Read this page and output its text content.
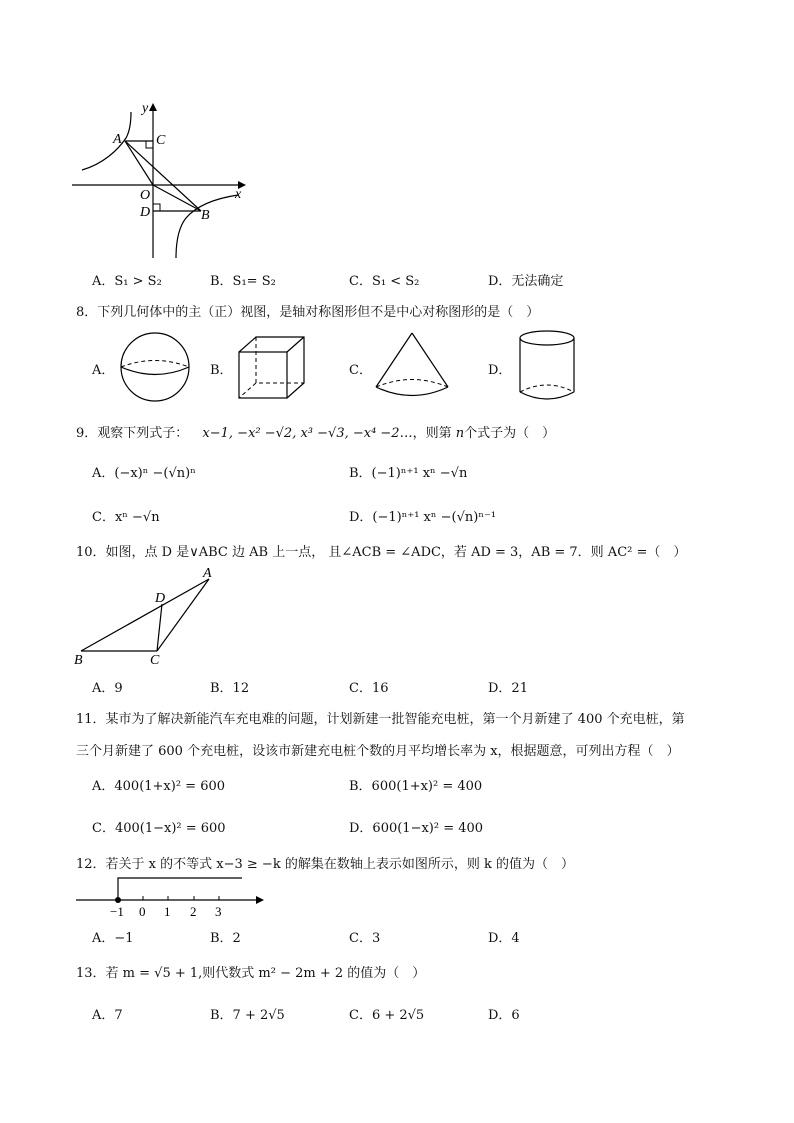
y
x
A C
O
D	B
A．S₁ > S₂	B．S₁= S₂	C．S₁ < S₂	D．无法确定
8．下列几何体中的主（正）视图，是轴对称图形但不是中心对称图形的是（　）
A．	B．	C．	D．
9．观察下列式子： x−1, −x² −√2, x³ −√3, −x⁴ −2…，则第 n个式子为（　）
A．(−x)ⁿ −(√n)ⁿ	B．(−1)ⁿ⁺¹ xⁿ −√n
C．xⁿ −√n	D．(−1)ⁿ⁺¹ xⁿ −(√n)ⁿ⁻¹
10．如图，点 D 是∨ABC 边 AB 上一点， 且∠ACB = ∠ADC，若 AD = 3，AB = 7．则 AC² =（　）
A
D
B	C
A．9	B．12	C．16	D．21
11．某市为了解决新能汽车充电难的问题，计划新建一批智能充电桩，第一个月新建了 400 个充电桩，第
三个月新建了 600 个充电桩，设该市新建充电桩个数的月平均增长率为 x，根据题意，可列出方程（　）
A．400(1+x)² = 600	B．600(1+x)² = 400
C．400(1−x)² = 600	D．600(1−x)² = 400
12．若关于 x 的不等式 x−3 ≥ −k 的解集在数轴上表示如图所示，则 k 的值为（　）
−1 0 1 2 3
A．−1	B．2	C．3	D．4
13．若 m = √5 + 1,则代数式 m² − 2m + 2 的值为（　）
A．7	B．7 + 2√5	C．6 + 2√5	D．6
